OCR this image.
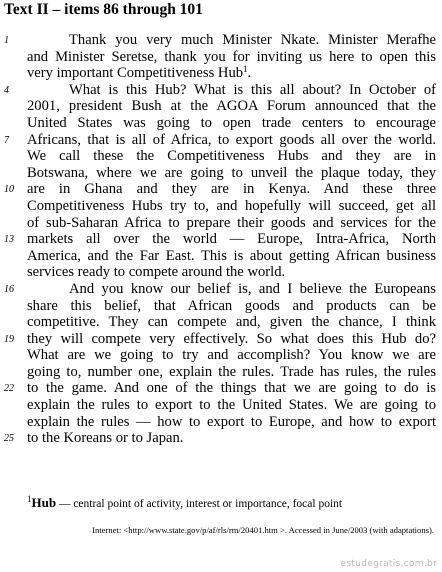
Text II – items 86 through 101
1	Thank you very much Minister Nkate. Minister Merafhe
and Minister Seretse, thank you for inviting us here to open this
very important Competitiveness Hub$^1$.
4	What is this Hub? What is this all about? In October of
2001, president Bush at the AGOA Forum announced that the
United States was going to open trade centers to encourage
7 Africans, that is all of Africa, to export goods all over the world.
We call these the Competitiveness Hubs and they are in
Botswana, where we are going to unveil the plaque today, they
10 are in Ghana and they are in Kenya. And these three
Competitiveness Hubs try to, and hopefully will succeed, get all
of sub-Saharan Africa to prepare their goods and services for the
13 markets all over the world — Europe, Intra-Africa, North
America, and the Far East. This is about getting African business
services ready to compete around the world.
16	And you know our belief is, and I believe the Europeans
share this belief, that African goods and products can be
competitive. They can compete and, given the chance, I think
19 they will compete very effectively. So what does this Hub do?
What are we going to try and accomplish? You know we are
going to, number one, explain the rules. Trade has rules, the rules
22 to the game. And one of the things that we are going to do is
explain the rules to export to the United States. We are going to
explain the rules — how to export to Europe, and how to export
25 to the Koreans or to Japan.
$^1$Hub — central point of activity, interest or importance, focal point
Internet: <http://www.state.gov/p/af/rls/rm/20401.htm >. Accessed in June/2003 (with adaptations).
estudegratis.com.br
